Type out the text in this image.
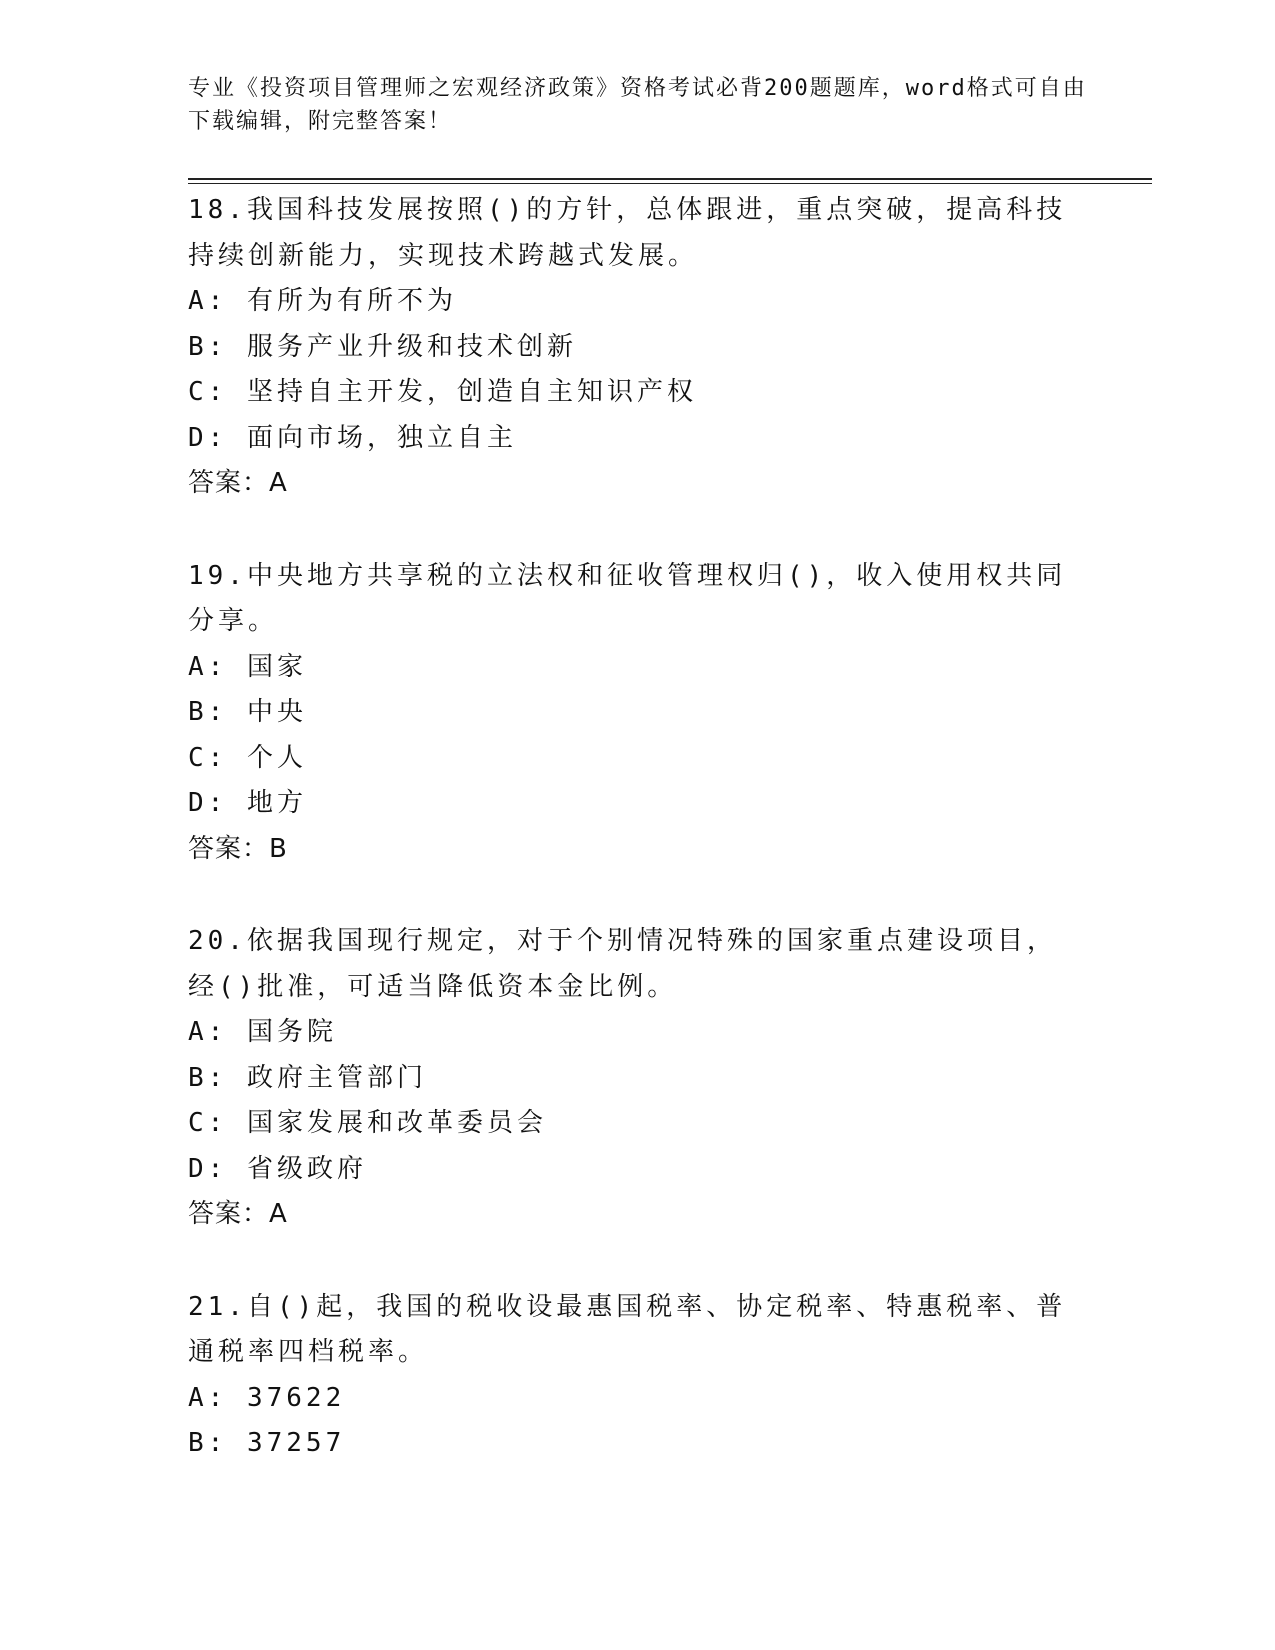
专业《投资项目管理师之宏观经济政策》资格考试必背200题题库，word格式可自由下载编辑，附完整答案！
18.我国科技发展按照()的方针，总体跟进，重点突破，提高科技持续创新能力，实现技术跨越式发展。
A: 有所为有所不为
B: 服务产业升级和技术创新
C: 坚持自主开发，创造自主知识产权
D: 面向市场，独立自主
答案：A
19.中央地方共享税的立法权和征收管理权归()，收入使用权共同分享。
A: 国家
B: 中央
C: 个人
D: 地方
答案：B
20.依据我国现行规定，对于个别情况特殊的国家重点建设项目，经()批准，可适当降低资本金比例。
A: 国务院
B: 政府主管部门
C: 国家发展和改革委员会
D: 省级政府
答案：A
21.自()起，我国的税收设最惠国税率、协定税率、特惠税率、普通税率四档税率。
A: 37622
B: 37257
